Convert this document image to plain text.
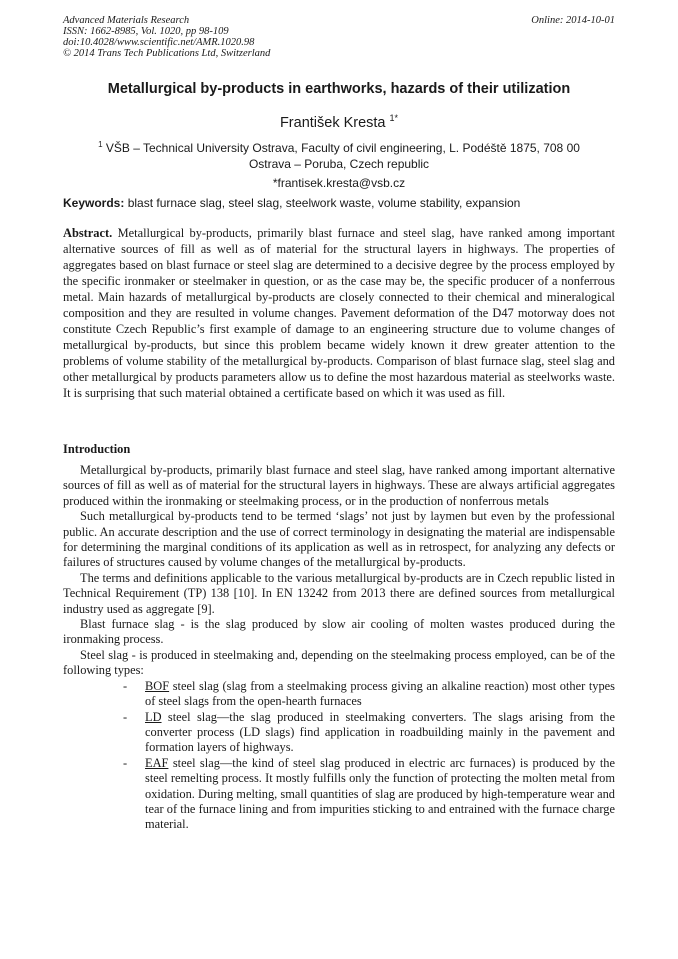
Advanced Materials Research
ISSN: 1662-8985, Vol. 1020, pp 98-109
doi:10.4028/www.scientific.net/AMR.1020.98
© 2014 Trans Tech Publications Ltd, Switzerland
Online: 2014-10-01
Metallurgical by-products in earthworks, hazards of their utilization
František Kresta $^{1*}$
$^1$ VŠB – Technical University Ostrava, Faculty of civil engineering, L. Podéště 1875, 708 00 Ostrava – Poruba, Czech republic
*frantisek.kresta@vsb.cz
Keywords: blast furnace slag, steel slag, steelwork waste, volume stability, expansion

Abstract. Metallurgical by-products, primarily blast furnace and steel slag, have ranked among important alternative sources of fill as well as of material for the structural layers in highways. The properties of aggregates based on blast furnace or steel slag are determined to a decisive degree by the process employed by the specific ironmaker or steelmaker in question, or as the case may be, the specific producer of a nonferrous metal. Main hazards of metallurgical by-products are closely connected to their chemical and mineralogical composition and they are resulted in volume changes. Pavement deformation of the D47 motorway does not constitute Czech Republic’s first example of damage to an engineering structure due to volume changes of metallurgical by-products, but since this problem became widely known it drew greater attention to the problems of volume stability of the metallurgical by-products. Comparison of blast furnace slag, steel slag and other metallurgical by products parameters allow us to define the most hazardous material as steelworks waste. It is surprising that such material obtained a certificate based on which it was used as fill.

Introduction

Metallurgical by-products, primarily blast furnace and steel slag, have ranked among important alternative sources of fill as well as of material for the structural layers in highways. These are always artificial aggregates produced within the ironmaking or steelmaking process, or in the production of nonferrous metals

Such metallurgical by-products tend to be termed ‘slags’ not just by laymen but even by the professional public. An accurate description and the use of correct terminology in designating the material are indispensable for determining the marginal conditions of its application as well as in retrospect, for analyzing any defects or failures of structures caused by volume changes of the metallurgical by-products.

The terms and definitions applicable to the various metallurgical by-products are in Czech republic listed in Technical Requirement (TP) 138 [10]. In EN 13242 from 2013 there are defined sources from metallurgical industry used as aggregate [9].

Blast furnace slag - is the slag produced by slow air cooling of molten wastes produced during the ironmaking process.

Steel slag - is produced in steelmaking and, depending on the steelmaking process employed, can be of the following types:

- BOF steel slag (slag from a steelmaking process giving an alkaline reaction) most other types of steel slags from the open-hearth furnaces
- LD steel slag—the slag produced in steelmaking converters. The slags arising from the converter process (LD slags) find application in roadbuilding mainly in the pavement and formation layers of highways.
- EAF steel slag—the kind of steel slag produced in electric arc furnaces) is produced by the steel remelting process. It mostly fulfills only the function of protecting the molten metal from oxidation. During melting, small quantities of slag are produced by high-temperature wear and tear of the furnace lining and from impurities sticking to and entrained with the furnace charge material.
